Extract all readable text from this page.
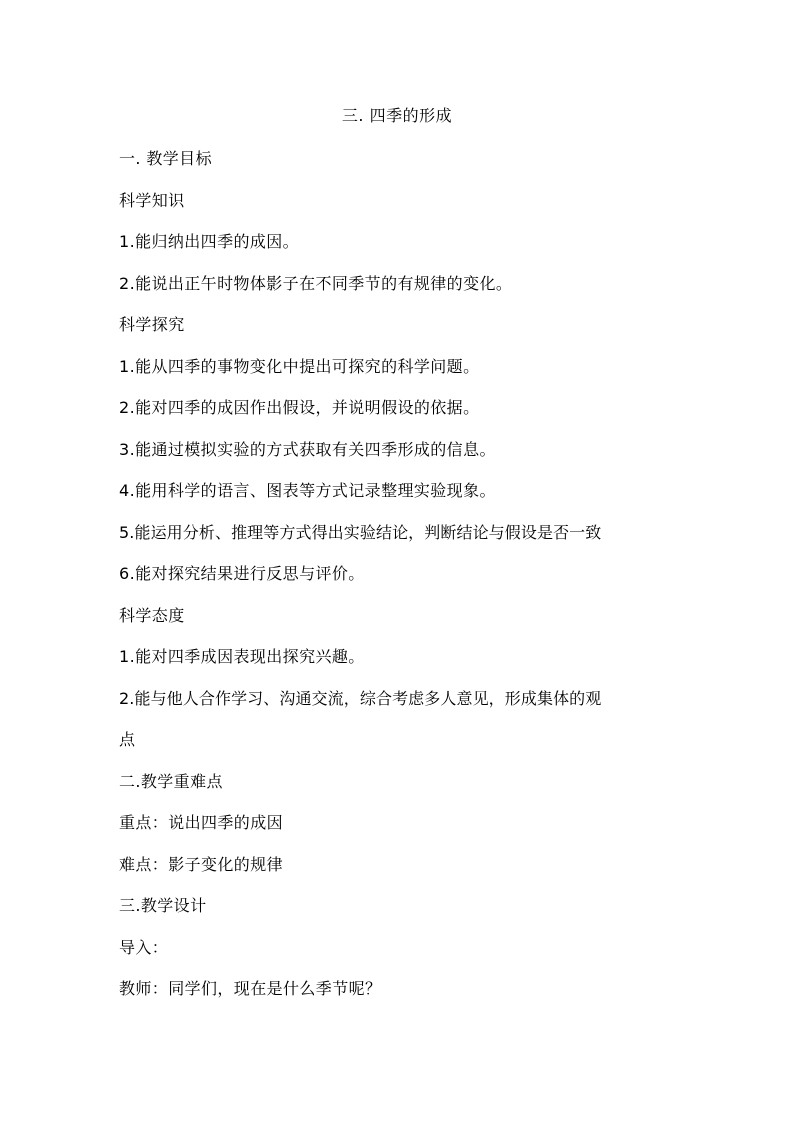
三. 四季的形成
一. 教学目标
科学知识
1.能归纳出四季的成因。
2.能说出正午时物体影子在不同季节的有规律的变化。
科学探究
1.能从四季的事物变化中提出可探究的科学问题。
2.能对四季的成因作出假设，并说明假设的依据。
3.能通过模拟实验的方式获取有关四季形成的信息。
4.能用科学的语言、图表等方式记录整理实验现象。
5.能运用分析、推理等方式得出实验结论，判断结论与假设是否一致
6.能对探究结果进行反思与评价。
科学态度
1.能对四季成因表现出探究兴趣。
2.能与他人合作学习、沟通交流，综合考虑多人意见，形成集体的观
点
二.教学重难点
重点：说出四季的成因
难点：影子变化的规律
三.教学设计
导入：
教师：同学们，现在是什么季节呢？
